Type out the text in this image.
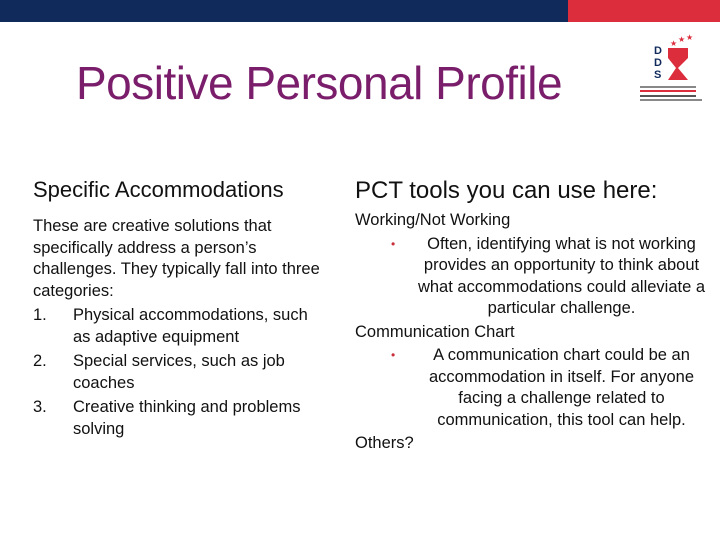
Positive Personal Profile
★ ★ ★
D
D
S
Specific Accommodations

These are creative solutions that specifically address a person’s challenges. They typically fall into three categories:

1.	Physical accommodations, such as adaptive equipment
2.	Special services, such as job coaches
3.	Creative thinking and problems solving
PCT tools you can use here:

Working/Not Working

•	Often, identifying what is not working provides an opportunity to think about what accommodations could alleviate a particular challenge.

Communication Chart

•	A communication chart could be an accommodation in itself. For anyone facing a challenge related to communication, this tool can help.

Others?
